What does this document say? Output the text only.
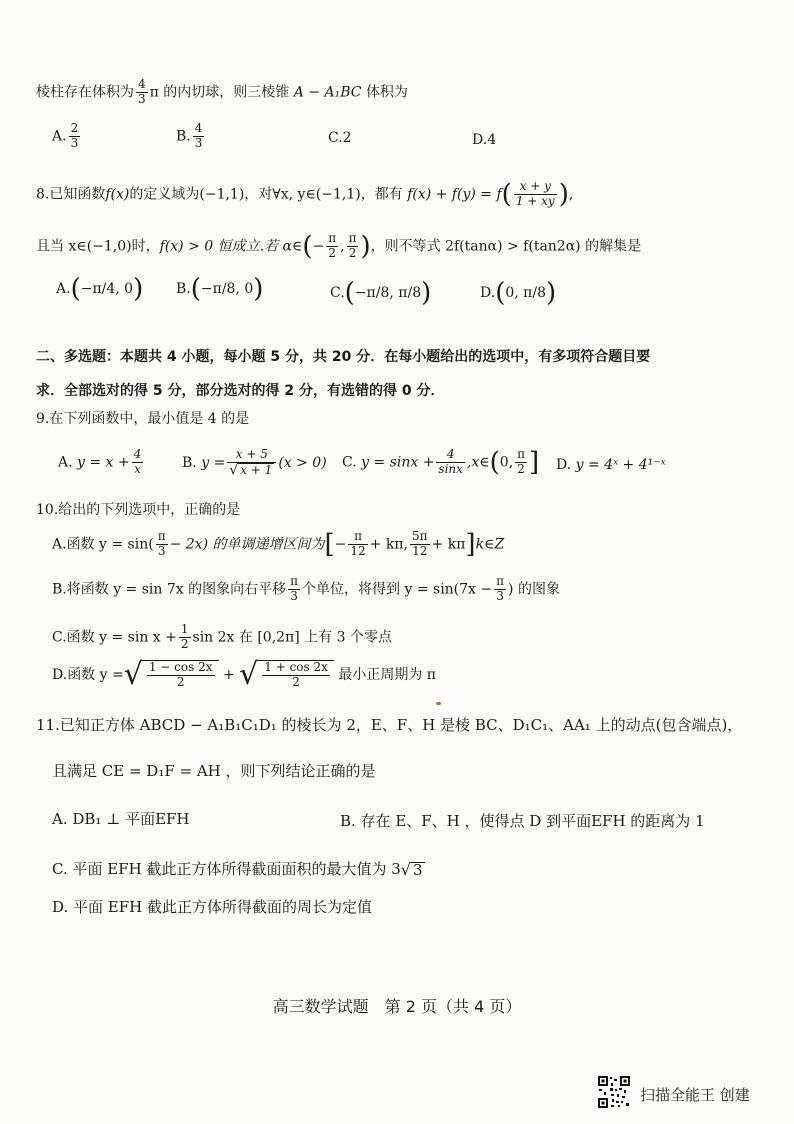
棱柱存在体积为 $\frac{4}{3}$ π 的内切球，则三棱锥 A − A₁BC 体积为
A. $\frac{2}{3}$	B. $\frac{4}{3}$	C.2	D.4
8.已知函数f(x)的定义域为(−1,1)，对∀x, y∈(−1,1)，都有 $f(x) + f(y) = f( \frac{x + y}{1 + xy}$ ),
且当 x∈(−1,0)时，f(x) > 0 恒成立.若 α∈(− $\frac{\pi}{2}$ , $\frac{\pi}{2}$ )，则不等式 2f(tanα) > f(tan2α) 的解集是
A.(−π/4, 0) B.(−π/8, 0)	C.(−π/8, π/8)	D.(0, π/8)
二、多选题：本题共 4 小题，每小题 5 分，共 20 分．在每小题给出的选项中，有多项符合题目要
求．全部选对的得 5 分，部分选对的得 2 分，有选错的得 0 分．
9.在下列函数中，最小值是 4 的是
A. $y = x + \frac{4}{x}$	B. $y = \frac{x + 5}{√ x + 1} (x > 0)$ C. $y = \sin x + \frac{4}{\sin x}$ ,x∈(0, $\frac{\pi}{2}$ ] D. y = 4ˣ + 4¹⁻ˣ
10.给出的下列选项中，正确的是
A.函数 $y = \sin( \frac{\pi}{3} - 2x)$ 的单调递增区间为[− $\frac{\pi}{12} + k\pi$, $\frac{5\pi}{12}$ + kπ]k∈Z
B.将函数 y = sin 7x 的图象向右平移 $\frac{\pi}{3}$ 个单位，将得到 $y = \sin(7x - \frac{\pi}{3}$ ) 的图象
C.函数 $y = \sin x + \frac{1}{2}$ sin 2x 在 [0,2π] 上有 3 个零点
D.函数 y =√ $\frac{1 - \cos 2x}{2}$ + √ $\frac{1 + \cos 2x}{2}$ 最小正周期为 π
11.已知正方体 ABCD − A₁B₁C₁D₁ 的棱长为 2，E、F、H 是棱 BC、D₁C₁、AA₁ 上的动点(包含端点)，
且满足 CE = D₁F = AH ，则下列结论正确的是
A. DB₁ ⊥ 平面EFH	B. 存在 E、F、H ，使得点 D 到平面EFH 的距离为 1
C. 平面 EFH 截此正方体所得截面面积的最大值为 3√ 3
D. 平面 EFH 截此正方体所得截面的周长为定值
高三数学试题　第 2 页（共 4 页）
扫描全能王 创建
